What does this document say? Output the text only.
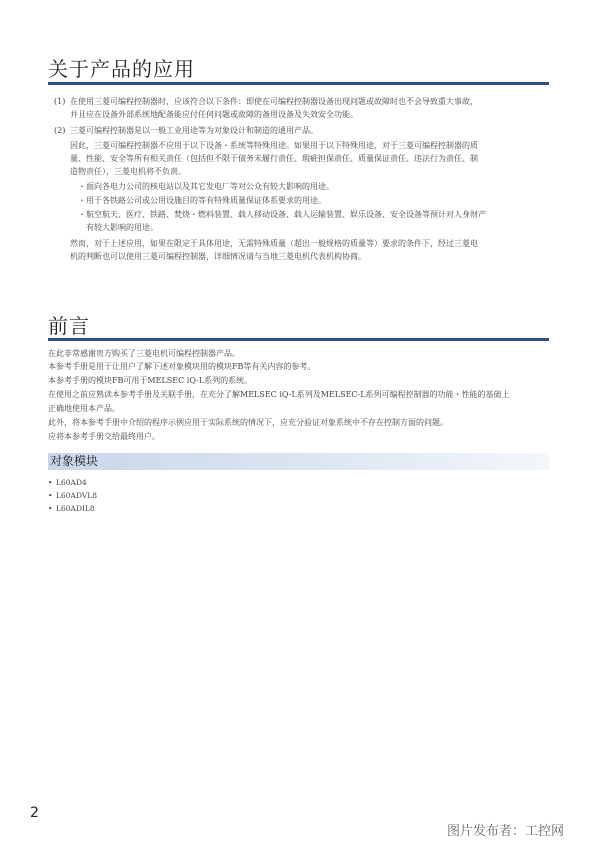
关于产品的应用
(1) 在使用三菱可编程控制器时，应该符合以下条件：即使在可编程控制器设备出现问题或故障时也不会导致重大事故，
并且应在设备外部系统地配备能应付任何问题或故障的备用设备及失效安全功能。
(2) 三菱可编程控制器是以一般工业用途等为对象设计和制造的通用产品。
因此，三菱可编程控制器不应用于以下设备・系统等特殊用途。如果用于以下特殊用途，对于三菱可编程控制器的质
量、性能、安全等所有相关责任（包括但不限于债务未履行责任、瑕疵担保责任、质量保证责任、违法行为责任、制
造物责任），三菱电机将不负责。
・面向各电力公司的核电站以及其它发电厂等对公众有较大影响的用途。
・用于各铁路公司或公用设施目的等有特殊质量保证体系要求的用途。
・航空航天、医疗、铁路、焚烧・燃料装置、载人移动设备、载人运输装置、娱乐设备、安全设备等预计对人身财产
有较大影响的用途。
然而，对于上述应用，如果在限定于具体用途，无需特殊质量（超出一般规格的质量等）要求的条件下，经过三菱电
机的判断也可以使用三菱可编程控制器，详细情况请与当地三菱电机代表机构协商。
前言
在此非常感谢贵方购买了三菱电机可编程控制器产品。
本参考手册是用于让用户了解下述对象模块用的模块FB等有关内容的参考。
本参考手册的模块FB可用于MELSEC iQ-L系列的系统。
在使用之前应熟读本参考手册及关联手册，在充分了解MELSEC iQ-L系列及MELSEC-L系列可编程控制器的功能・性能的基础上
正确地使用本产品。
此外，将本参考手册中介绍的程序示例应用于实际系统的情况下，应充分验证对象系统中不存在控制方面的问题。
应将本参考手册交给最终用户。
对象模块
• L60AD4
• L60ADVL8
• L60ADIL8
2
图片发布者：工控网
